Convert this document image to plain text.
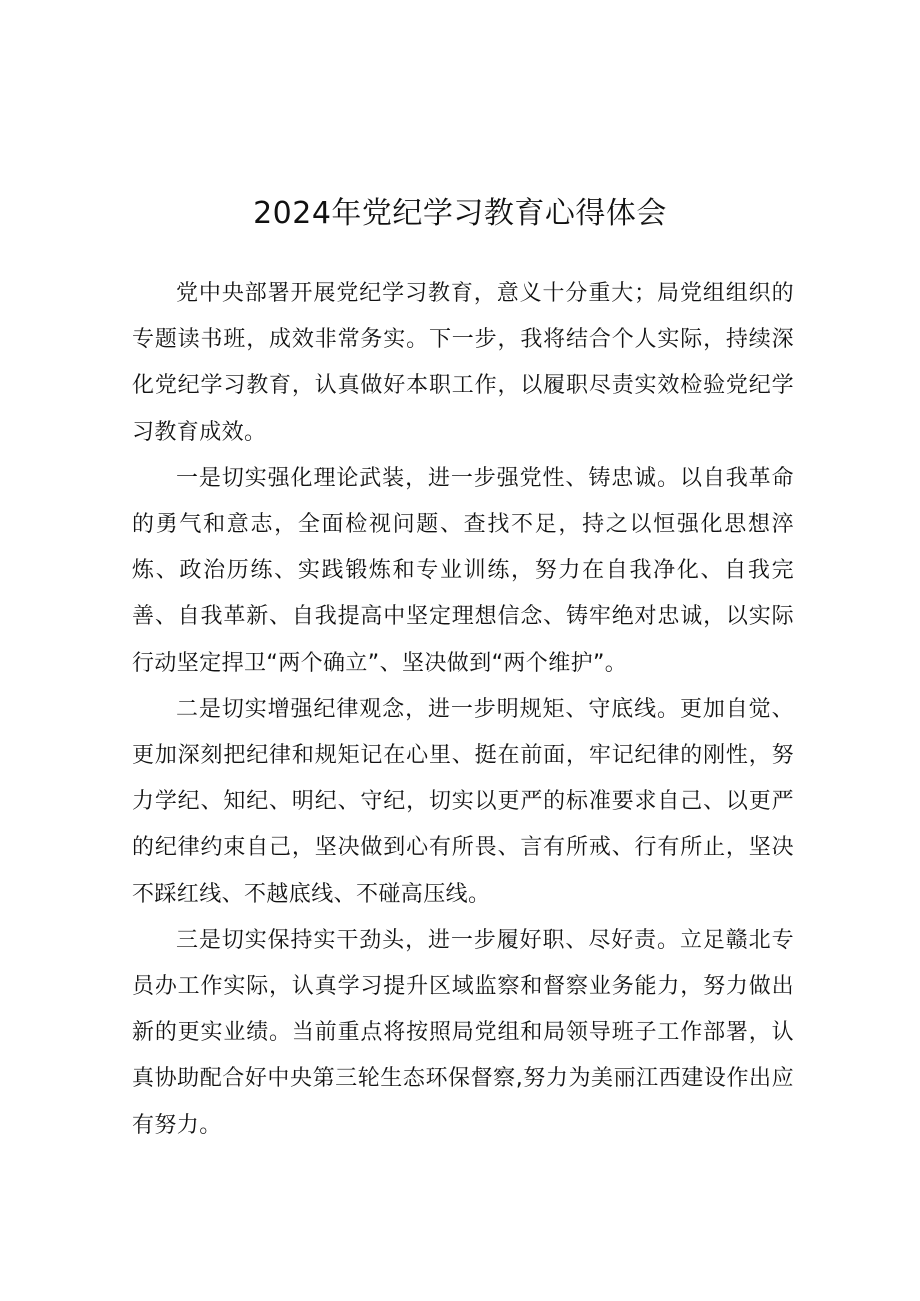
2024年党纪学习教育心得体会

党中央部署开展党纪学习教育，意义十分重大；局党组组织的专题读书班，成效非常务实。下一步，我将结合个人实际，持续深化党纪学习教育，认真做好本职工作，以履职尽责实效检验党纪学习教育成效。

一是切实强化理论武装，进一步强党性、铸忠诚。以自我革命的勇气和意志，全面检视问题、查找不足，持之以恒强化思想淬炼、政治历练、实践锻炼和专业训练，努力在自我净化、自我完善、自我革新、自我提高中坚定理想信念、铸牢绝对忠诚，以实际行动坚定捍卫“两个确立”、坚决做到“两个维护”。

二是切实增强纪律观念，进一步明规矩、守底线。更加自觉、更加深刻把纪律和规矩记在心里、挺在前面，牢记纪律的刚性，努力学纪、知纪、明纪、守纪，切实以更严的标准要求自己、以更严的纪律约束自己，坚决做到心有所畏、言有所戒、行有所止，坚决不踩红线、不越底线、不碰高压线。

三是切实保持实干劲头，进一步履好职、尽好责。立足赣北专员办工作实际，认真学习提升区域监察和督察业务能力，努力做出新的更实业绩。当前重点将按照局党组和局领导班子工作部署，认真协助配合好中央第三轮生态环保督察,努力为美丽江西建设作出应有努力。
